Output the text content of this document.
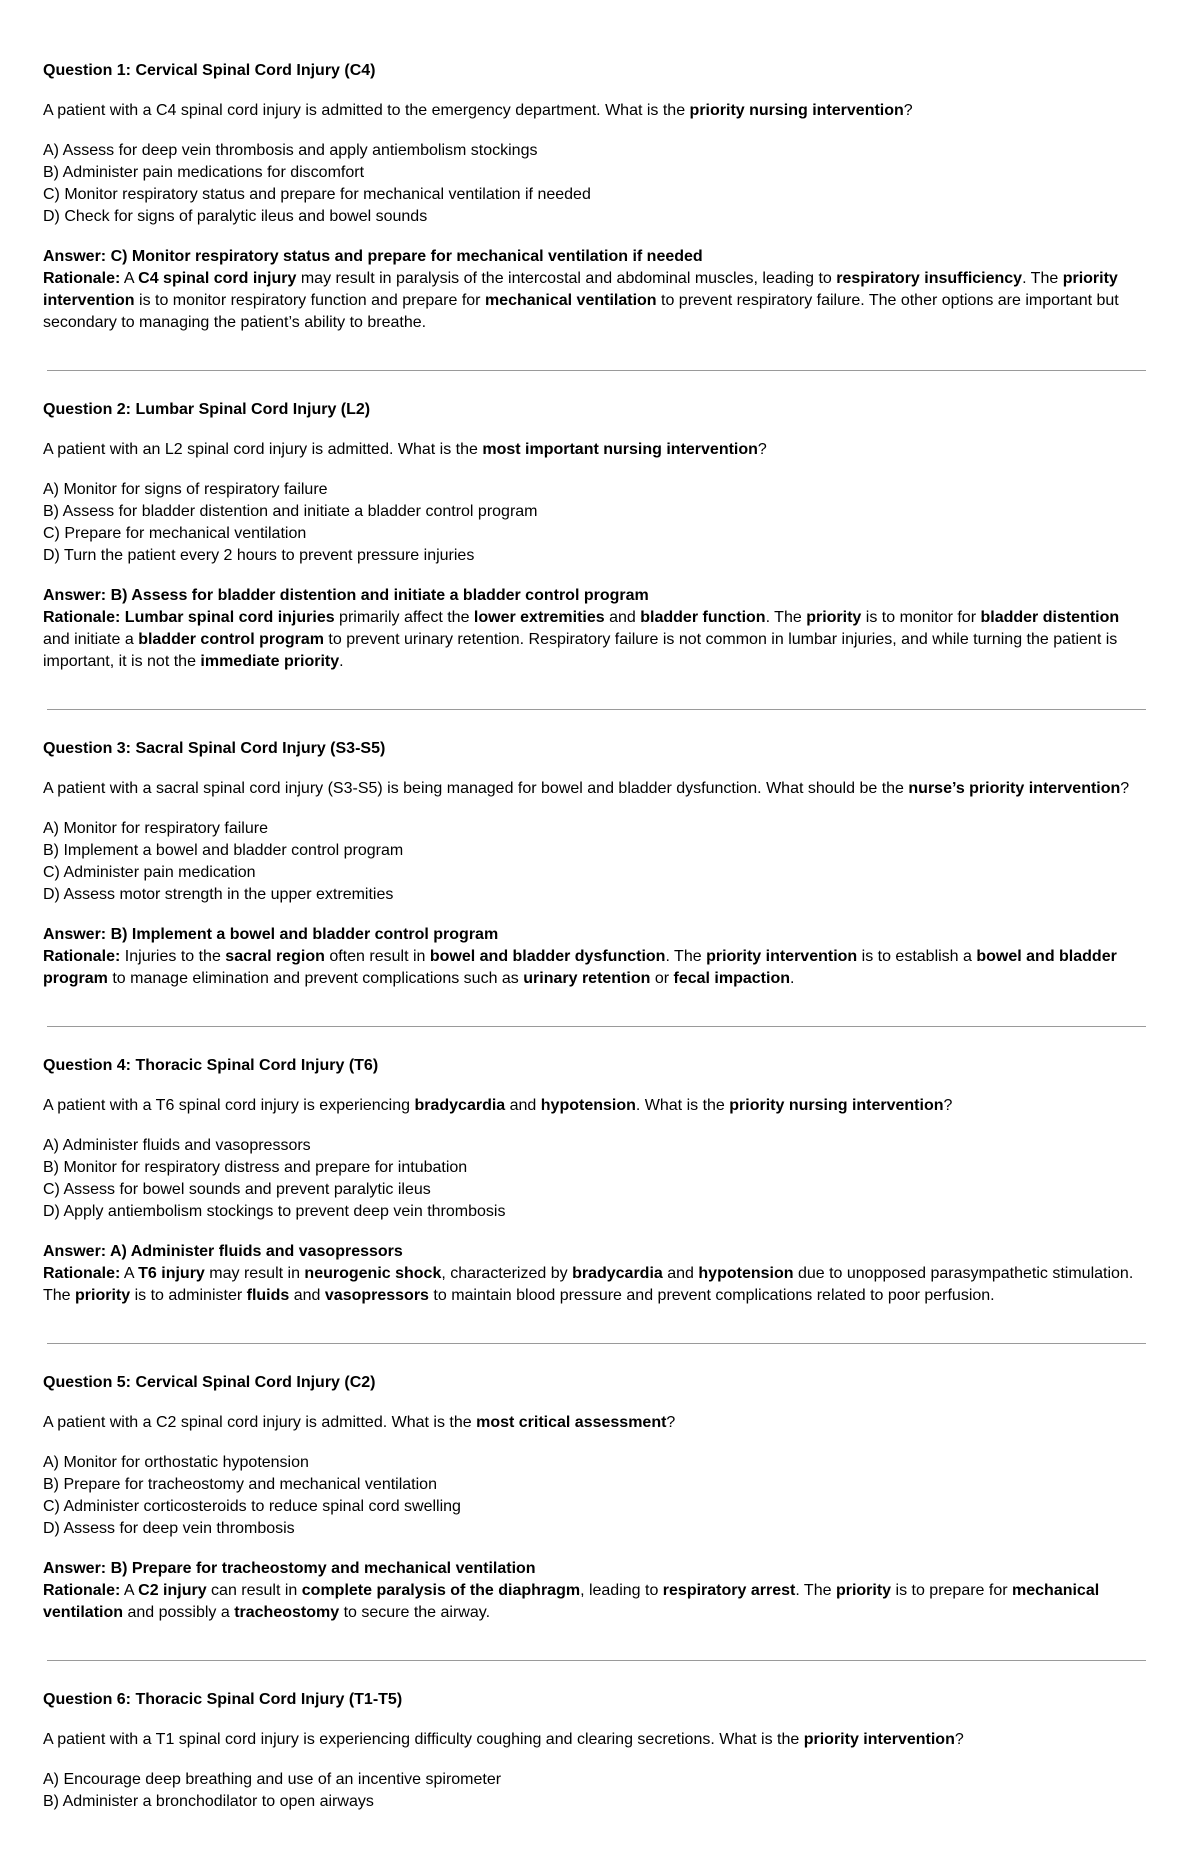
Question 1: Cervical Spinal Cord Injury (C4)

A patient with a C4 spinal cord injury is admitted to the emergency department. What is the priority nursing intervention?

A) Assess for deep vein thrombosis and apply antiembolism stockings
B) Administer pain medications for discomfort
C) Monitor respiratory status and prepare for mechanical ventilation if needed
D) Check for signs of paralytic ileus and bowel sounds

Answer: C) Monitor respiratory status and prepare for mechanical ventilation if needed

Rationale: A C4 spinal cord injury may result in paralysis of the intercostal and abdominal muscles, leading to respiratory insufficiency. The priority intervention is to monitor respiratory function and prepare for mechanical ventilation to prevent respiratory failure. The other options are important but secondary to managing the patient’s ability to breathe.

Question 2: Lumbar Spinal Cord Injury (L2)

A patient with an L2 spinal cord injury is admitted. What is the most important nursing intervention?

A) Monitor for signs of respiratory failure
B) Assess for bladder distention and initiate a bladder control program
C) Prepare for mechanical ventilation
D) Turn the patient every 2 hours to prevent pressure injuries

Answer: B) Assess for bladder distention and initiate a bladder control program

Rationale: Lumbar spinal cord injuries primarily affect the lower extremities and bladder function. The priority is to monitor for bladder distention and initiate a bladder control program to prevent urinary retention. Respiratory failure is not common in lumbar injuries, and while turning the patient is important, it is not the immediate priority.

Question 3: Sacral Spinal Cord Injury (S3-S5)

A patient with a sacral spinal cord injury (S3-S5) is being managed for bowel and bladder dysfunction. What should be the nurse’s priority intervention?

A) Monitor for respiratory failure
B) Implement a bowel and bladder control program
C) Administer pain medication
D) Assess motor strength in the upper extremities

Answer: B) Implement a bowel and bladder control program

Rationale: Injuries to the sacral region often result in bowel and bladder dysfunction. The priority intervention is to establish a bowel and bladder program to manage elimination and prevent complications such as urinary retention or fecal impaction.

Question 4: Thoracic Spinal Cord Injury (T6)

A patient with a T6 spinal cord injury is experiencing bradycardia and hypotension. What is the priority nursing intervention?

A) Administer fluids and vasopressors
B) Monitor for respiratory distress and prepare for intubation
C) Assess for bowel sounds and prevent paralytic ileus
D) Apply antiembolism stockings to prevent deep vein thrombosis

Answer: A) Administer fluids and vasopressors

Rationale: A T6 injury may result in neurogenic shock, characterized by bradycardia and hypotension due to unopposed parasympathetic stimulation. The priority is to administer fluids and vasopressors to maintain blood pressure and prevent complications related to poor perfusion.

Question 5: Cervical Spinal Cord Injury (C2)

A patient with a C2 spinal cord injury is admitted. What is the most critical assessment?

A) Monitor for orthostatic hypotension
B) Prepare for tracheostomy and mechanical ventilation
C) Administer corticosteroids to reduce spinal cord swelling
D) Assess for deep vein thrombosis

Answer: B) Prepare for tracheostomy and mechanical ventilation

Rationale: A C2 injury can result in complete paralysis of the diaphragm, leading to respiratory arrest. The priority is to prepare for mechanical ventilation and possibly a tracheostomy to secure the airway.

Question 6: Thoracic Spinal Cord Injury (T1-T5)

A patient with a T1 spinal cord injury is experiencing difficulty coughing and clearing secretions. What is the priority intervention?

A) Encourage deep breathing and use of an incentive spirometer
B) Administer a bronchodilator to open airways
